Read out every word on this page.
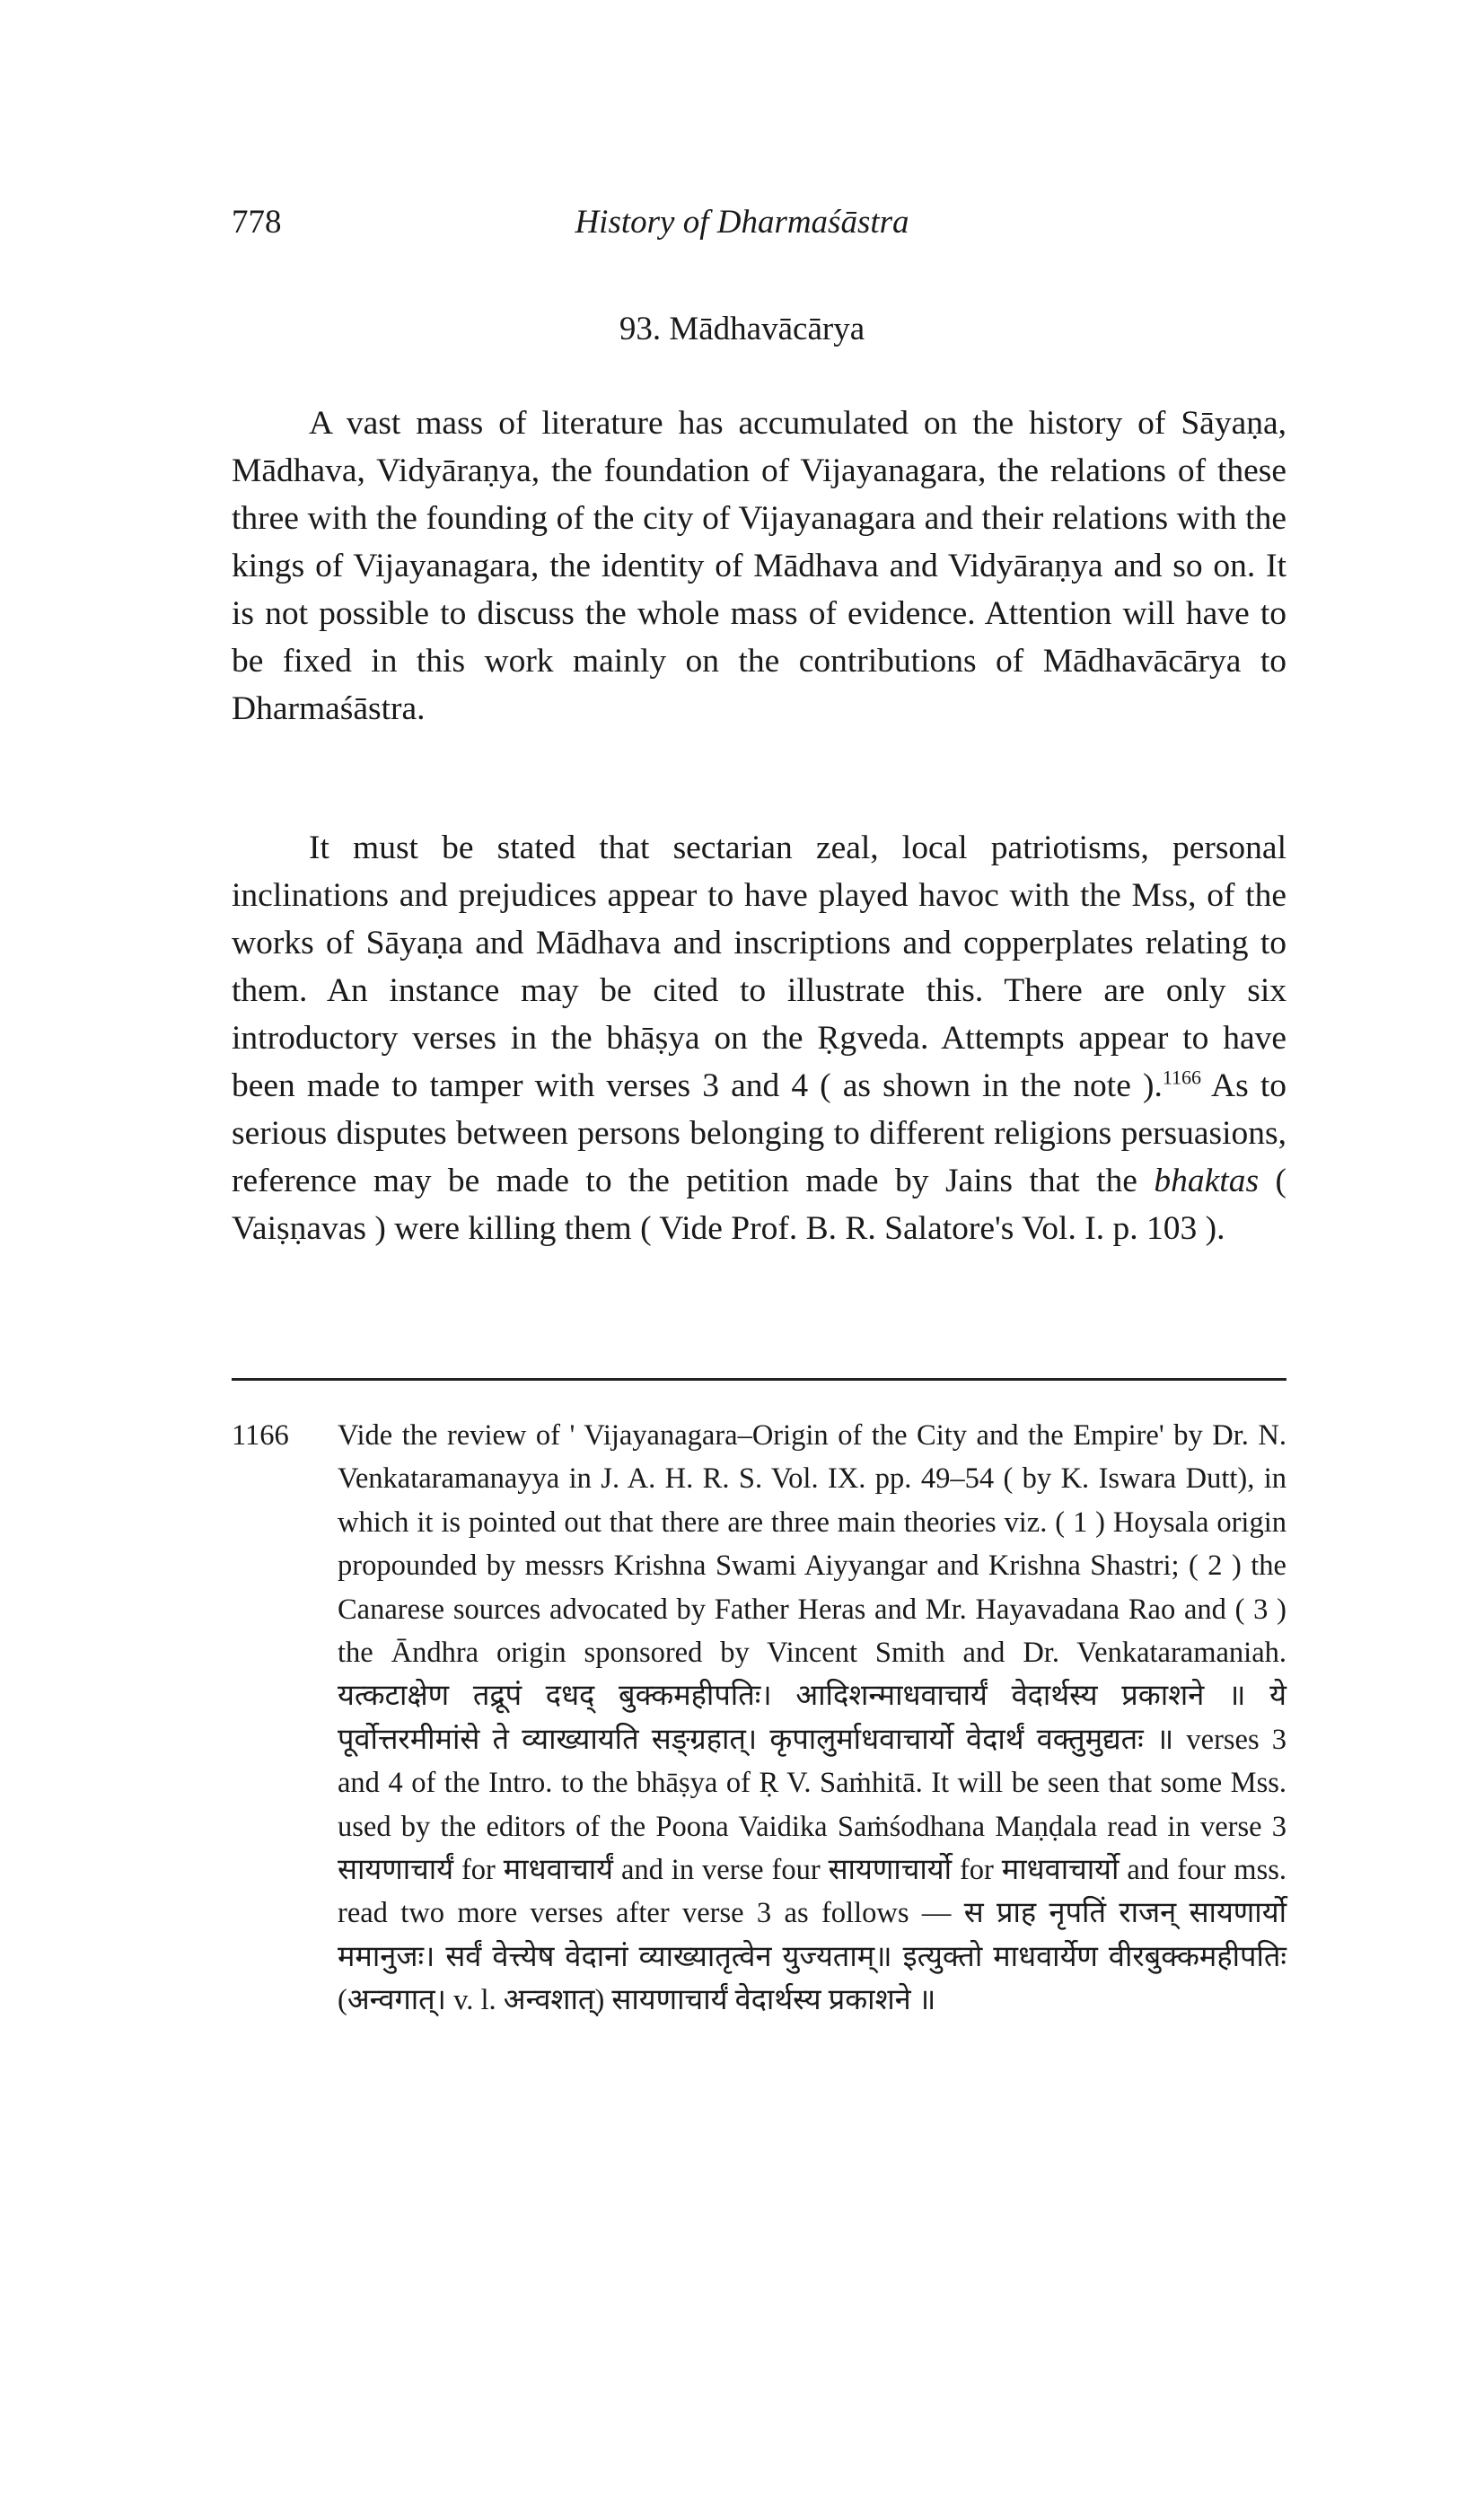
778	History of Dharmaśāstra

93. Mādhavācārya

A vast mass of literature has accumulated on the history of Sāyaṇa, Mādhava, Vidyāraṇya, the foundation of Vijayanagara, the relations of these three with the founding of the city of Vijayanagara and their relations with the kings of Vijayanagara, the identity of Mādhava and Vidyāraṇya and so on. It is not possible to discuss the whole mass of evidence. Attention will have to be fixed in this work mainly on the contributions of Mādhavācārya to Dharmaśāstra.

It must be stated that sectarian zeal, local patriotisms, personal inclinations and prejudices appear to have played havoc with the Mss, of the works of Sāyaṇa and Mādhava and inscriptions and copperplates relating to them. An instance may be cited to illustrate this. There are only six introductory verses in the bhāṣya on the Ṛgveda. Attempts appear to have been made to tamper with verses 3 and 4 ( as shown in the note ).$^{1166}$ As to serious disputes between persons belonging to different religions persuasions, reference may be made to the petition made by Jains that the bhaktas ( Vaiṣṇavas ) were killing them ( Vide Prof. B. R. Salatore's Vol. I. p. 103 ).

1166 Vide the review of ' Vijayanagara–Origin of the City and the Empire' by Dr. N. Venkataramanayya in J. A. H. R. S. Vol. IX. pp. 49–54 ( by K. Iswara Dutt), in which it is pointed out that there are three main theories viz. ( 1 ) Hoysala origin propounded by messrs Krishna Swami Aiyyangar and Krishna Shastri; ( 2 ) the Canarese sources advocated by Father Heras and Mr. Hayavadana Rao and ( 3 ) the Āndhra origin sponsored by Vincent Smith and Dr. Venkataramaniah. यत्कटाक्षेण तद्रूपं दधद् बुक्कमहीपतिः। आदिशन्माधवाचार्यं वेदार्थस्य प्रकाशने ॥ ये पूर्वोत्तरमीमांसे ते व्याख्यायति सङ्ग्रहात्। कृपालुर्माधवाचार्यो वेदार्थं वक्तुमुद्यतः ॥ verses 3 and 4 of the Intro. to the bhāṣya of Ṛ V. Saṁhitā. It will be seen that some Mss. used by the editors of the Poona Vaidika Saṁśodhana Maṇḍala read in verse 3 सायणाचार्यं for माधवाचार्यं and in verse four सायणाचार्यो for माधवाचार्यो and four mss. read two more verses after verse 3 as follows — स प्राह नृपतिं राजन् सायणार्यो ममानुजः। सर्वं वेत्त्येष वेदानां व्याख्यातृत्वेन युज्यताम्॥ इत्युक्तो माधवार्येण वीरबुक्कमहीपतिः (अन्वगात्। v. l. अन्वशात्) सायणाचार्यं वेदार्थस्य प्रकाशने ॥
